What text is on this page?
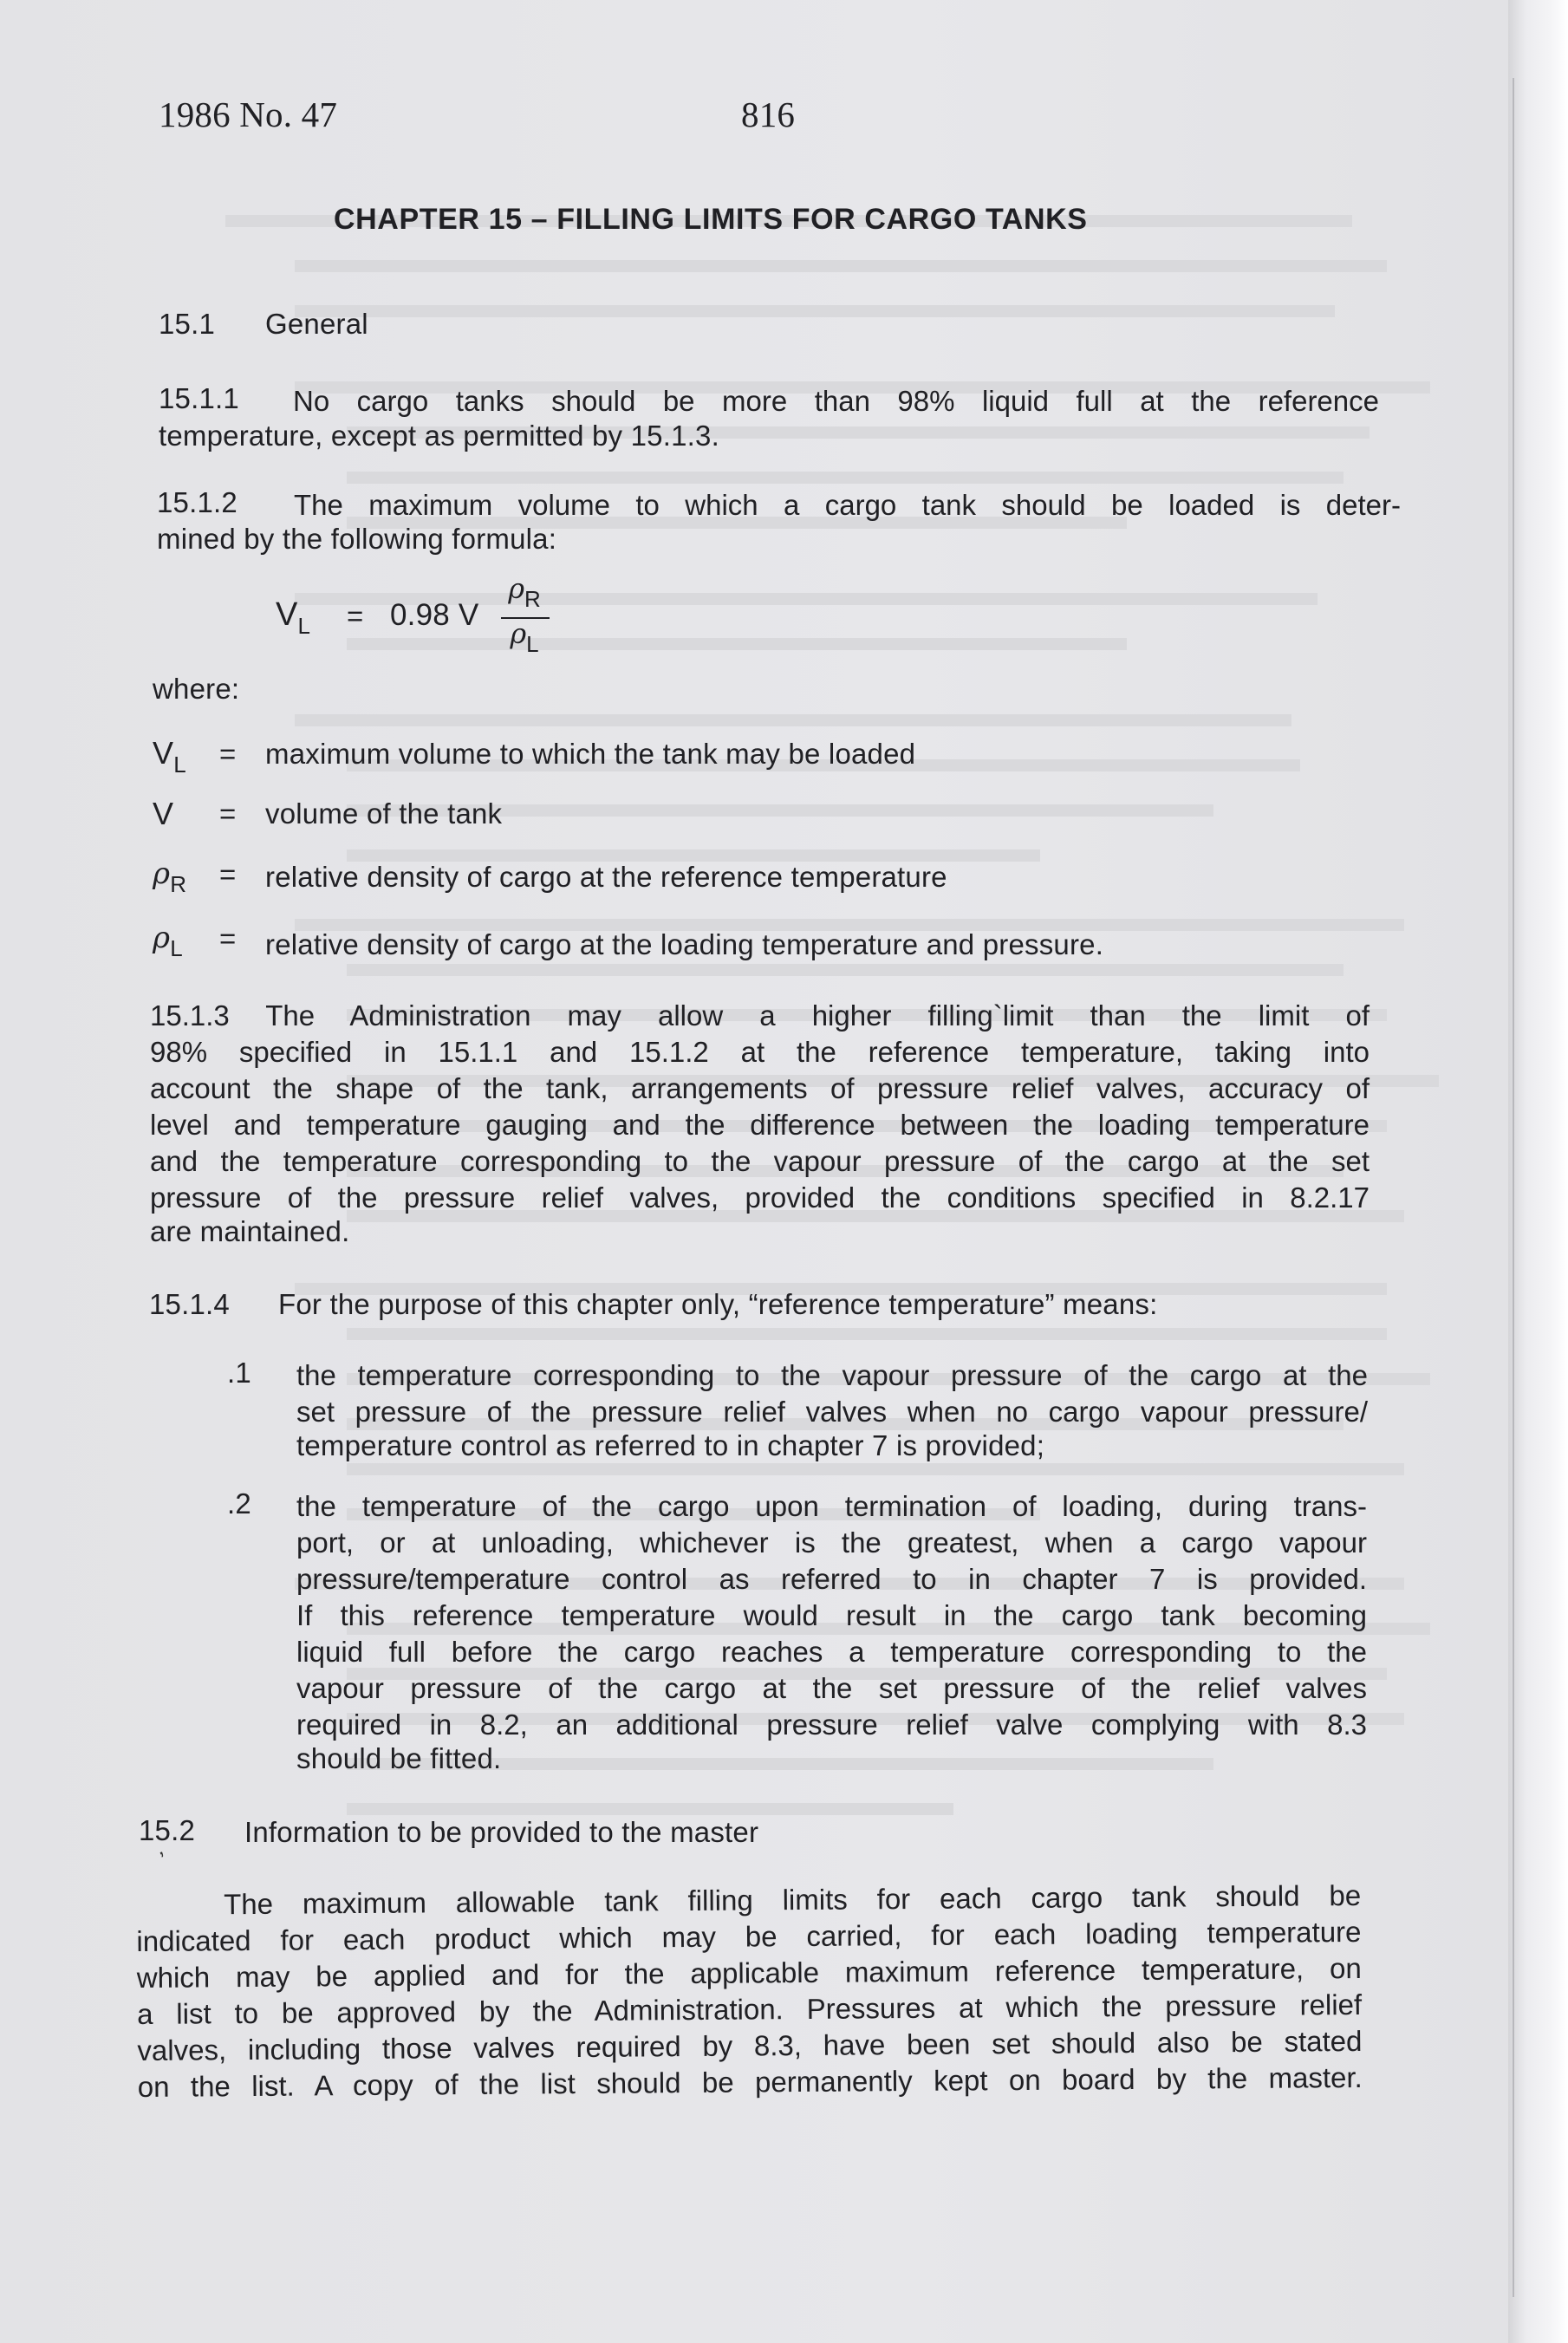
1986 No. 47	816
CHAPTER 15 – FILLING LIMITS FOR CARGO TANKS
15.1 General
15.1.1 No cargo tanks should be more than 98% liquid full at the reference
temperature, except as permitted by 15.1.3.
15.1.2 The maximum volume to which a cargo tank should be loaded is deter-
mined by the following formula:
$V_L = 0.98$ V
$\rho_R$
$\rho_L$
where:
$V_L$ = maximum volume to which the tank may be loaded
V = volume of the tank
$\rho_R$ = relative density of cargo at the reference temperature
$\rho_L$ = relative density of cargo at the loading temperature and pressure.
15.1.3 The Administration may allow a higher filling`limit than the limit of
98% specified in 15.1.1 and 15.1.2 at the reference temperature, taking into
account the shape of the tank, arrangements of pressure relief valves, accuracy of
level and temperature gauging and the difference between the loading temperature
and the temperature corresponding to the vapour pressure of the cargo at the set
pressure of the pressure relief valves, provided the conditions specified in 8.2.17
are maintained.
15.1.4 For the purpose of this chapter only, “reference temperature” means:
.1 the temperature corresponding to the vapour pressure of the cargo at the
set pressure of the pressure relief valves when no cargo vapour pressure/
temperature control as referred to in chapter 7 is provided;
.2 the temperature of the cargo upon termination of loading, during trans-
port, or at unloading, whichever is the greatest, when a cargo vapour
pressure/temperature control as referred to in chapter 7 is provided.
If this reference temperature would result in the cargo tank becoming
liquid full before the cargo reaches a temperature corresponding to the
vapour pressure of the cargo at the set pressure of the relief valves
required in 8.2, an additional pressure relief valve complying with 8.3
should be fitted.
15.2 Information to be provided to the master
’
The maximum allowable tank filling limits for each cargo tank should be
indicated for each product which may be carried, for each loading temperature
which may be applied and for the applicable maximum reference temperature, on
a list to be approved by the Administration. Pressures at which the pressure relief
valves, including those valves required by 8.3, have been set should also be stated
on the list. A copy of the list should be permanently kept on board by the master.
